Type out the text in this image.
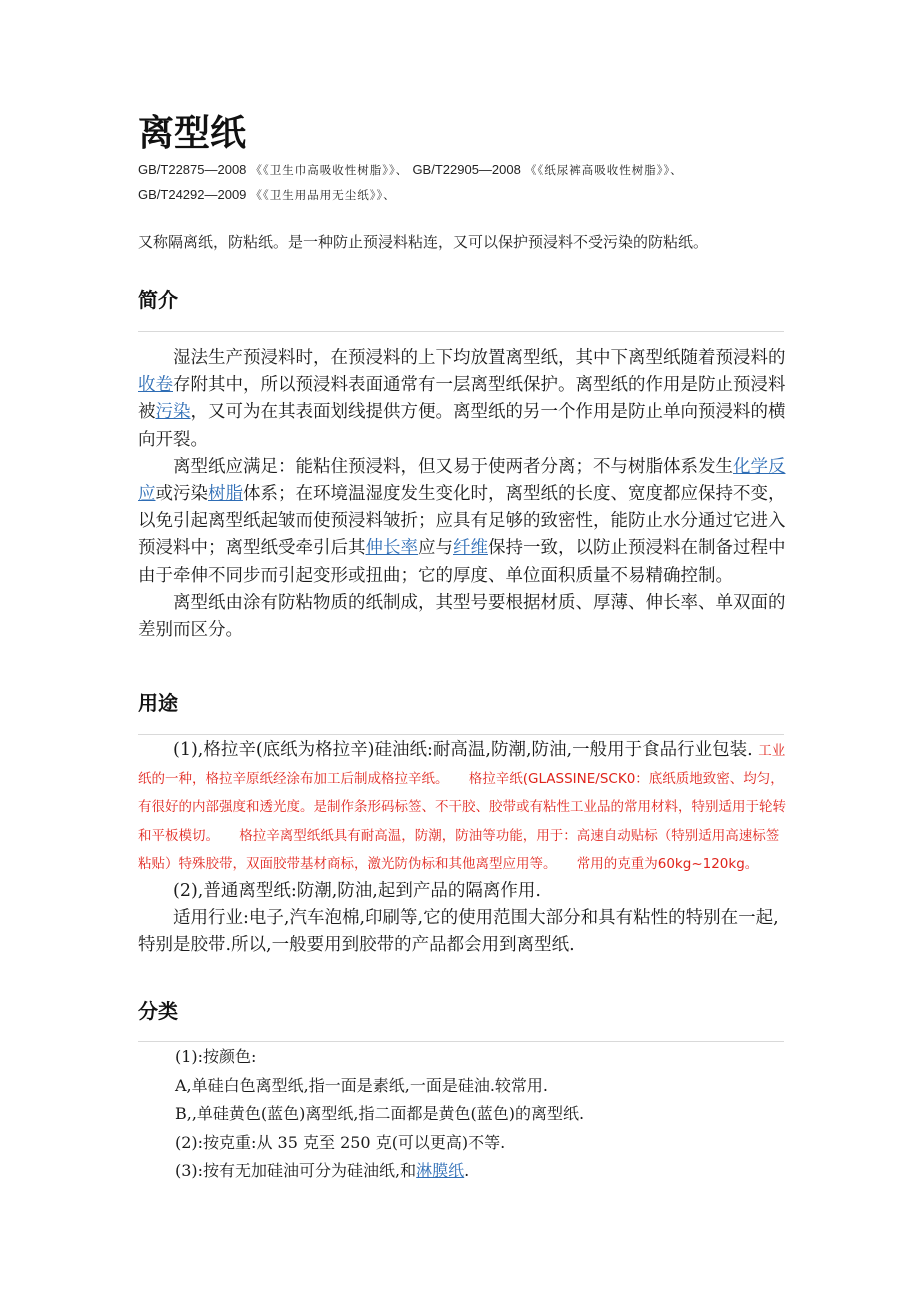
离型纸
GB/T22875—2008 《《卫生巾高吸收性树脂》》、 GB/T22905—2008 《《纸尿裤高吸收性树脂》》、
GB/T24292—2009 《《卫生用品用无尘纸》》、
又称隔离纸，防粘纸。是一种防止预浸料粘连，又可以保护预浸料不受污染的防粘纸。
简介

湿法生产预浸料时，在预浸料的上下均放置离型纸，其中下离型纸随着预浸料的收卷存附其中，所以预浸料表面通常有一层离型纸保护。离型纸的作用是防止预浸料被污染，又可为在其表面划线提供方便。离型纸的另一个作用是防止单向预浸料的横向开裂。

离型纸应满足：能粘住预浸料，但又易于使两者分离；不与树脂体系发生化学反应或污染树脂体系；在环境温湿度发生变化时，离型纸的长度、宽度都应保持不变，以免引起离型纸起皱而使预浸料皱折；应具有足够的致密性，能防止水分通过它进入预浸料中；离型纸受牵引后其伸长率应与纤维保持一致，以防止预浸料在制备过程中由于牵伸不同步而引起变形或扭曲；它的厚度、单位面积质量不易精确控制。

离型纸由涂有防粘物质的纸制成，其型号要根据材质、厚薄、伸长率、单双面的差别而区分。

用途

(1),格拉辛(底纸为格拉辛)硅油纸:耐高温,防潮,防油,一般用于食品行业包装. 工业纸的一种，格拉辛原纸经涂布加工后制成格拉辛纸。　　格拉辛纸(GLASSINE/SCK0：底纸质地致密、均匀，有很好的内部强度和透光度。是制作条形码标签、不干胶、胶带或有粘性工业品的常用材料，特别适用于轮转和平板模切。　　格拉辛离型纸纸具有耐高温，防潮，防油等功能，用于：高速自动贴标（特别适用高速标签粘贴）特殊胶带，双面胶带基材商标，激光防伪标和其他离型应用等。　　常用的克重为60kg~120kg。

(2),普通离型纸:防潮,防油,起到产品的隔离作用.

适用行业:电子,汽车泡棉,印刷等,它的使用范围大部分和具有粘性的特别在一起,特别是胶带.所以,一般要用到胶带的产品都会用到离型纸.

分类
(1):按颜色:
A,单硅白色离型纸,指一面是素纸,一面是硅油.较常用.
B,,单硅黄色(蓝色)离型纸,指二面都是黄色(蓝色)的离型纸.
(2):按克重:从 35 克至 250 克(可以更高)不等.
(3):按有无加硅油可分为硅油纸,和淋膜纸.
